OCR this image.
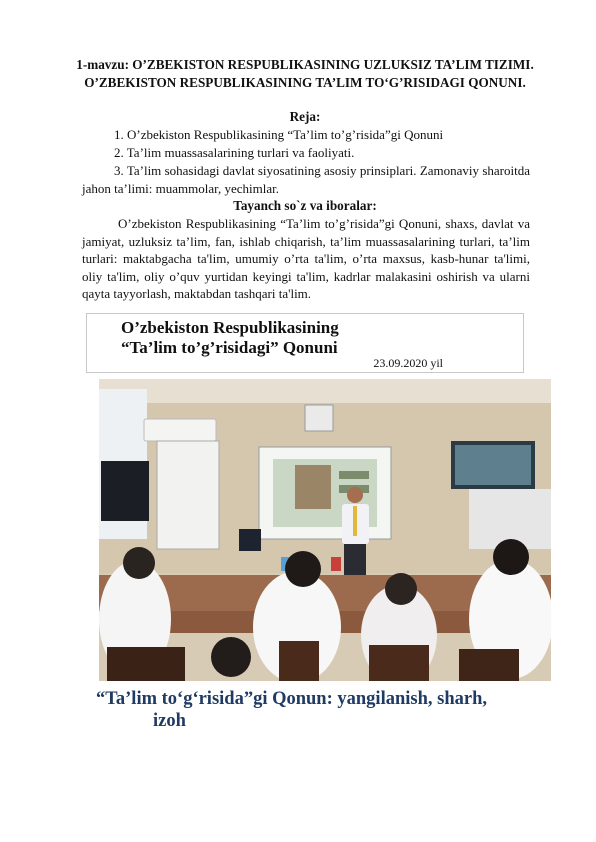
1-mavzu: O’ZBEKISTON RESPUBLIKASINING UZLUKSIZ TA’LIM TIZIMI. O’ZBEKISTON RESPUBLIKASINING TA’LIM TO‘G’RISIDAGI QONUNI.
Reja:
1. O’zbekiston Respublikasining “Ta’lim to’g’risida”gi Qonuni
2. Ta’lim muassasalarining turlari va faoliyati.
3. Ta’lim sohasidagi davlat siyosatining asosiy prinsiplari. Zamonaviy sharoitda jahon ta’limi: muammolar, yechimlar.
Tayanch so`z va iboralar:
O’zbekiston Respublikasining “Ta’lim to’g’risida”gi Qonuni, shaxs, davlat va jamiyat, uzluksiz ta’lim, fan, ishlab chiqarish, ta’lim muassasalarining turlari, ta’lim turlari: maktabgacha ta'lim, umumiy o’rta ta'lim, o’rta maxsus, kasb-hunar ta'limi, oliy ta'lim, oliy o’quv yurtidan keyingi ta'lim, kadrlar malakasini oshirish va ularni qayta tayyorlash, maktabdan tashqari ta'lim.
O’zbekiston Respublikasining
“Ta’lim to’g’risidagi” Qonuni
23.09.2020 yil
“Ta’lim to‘g‘risida”gi Qonun: yangilanish, sharh,
izoh
